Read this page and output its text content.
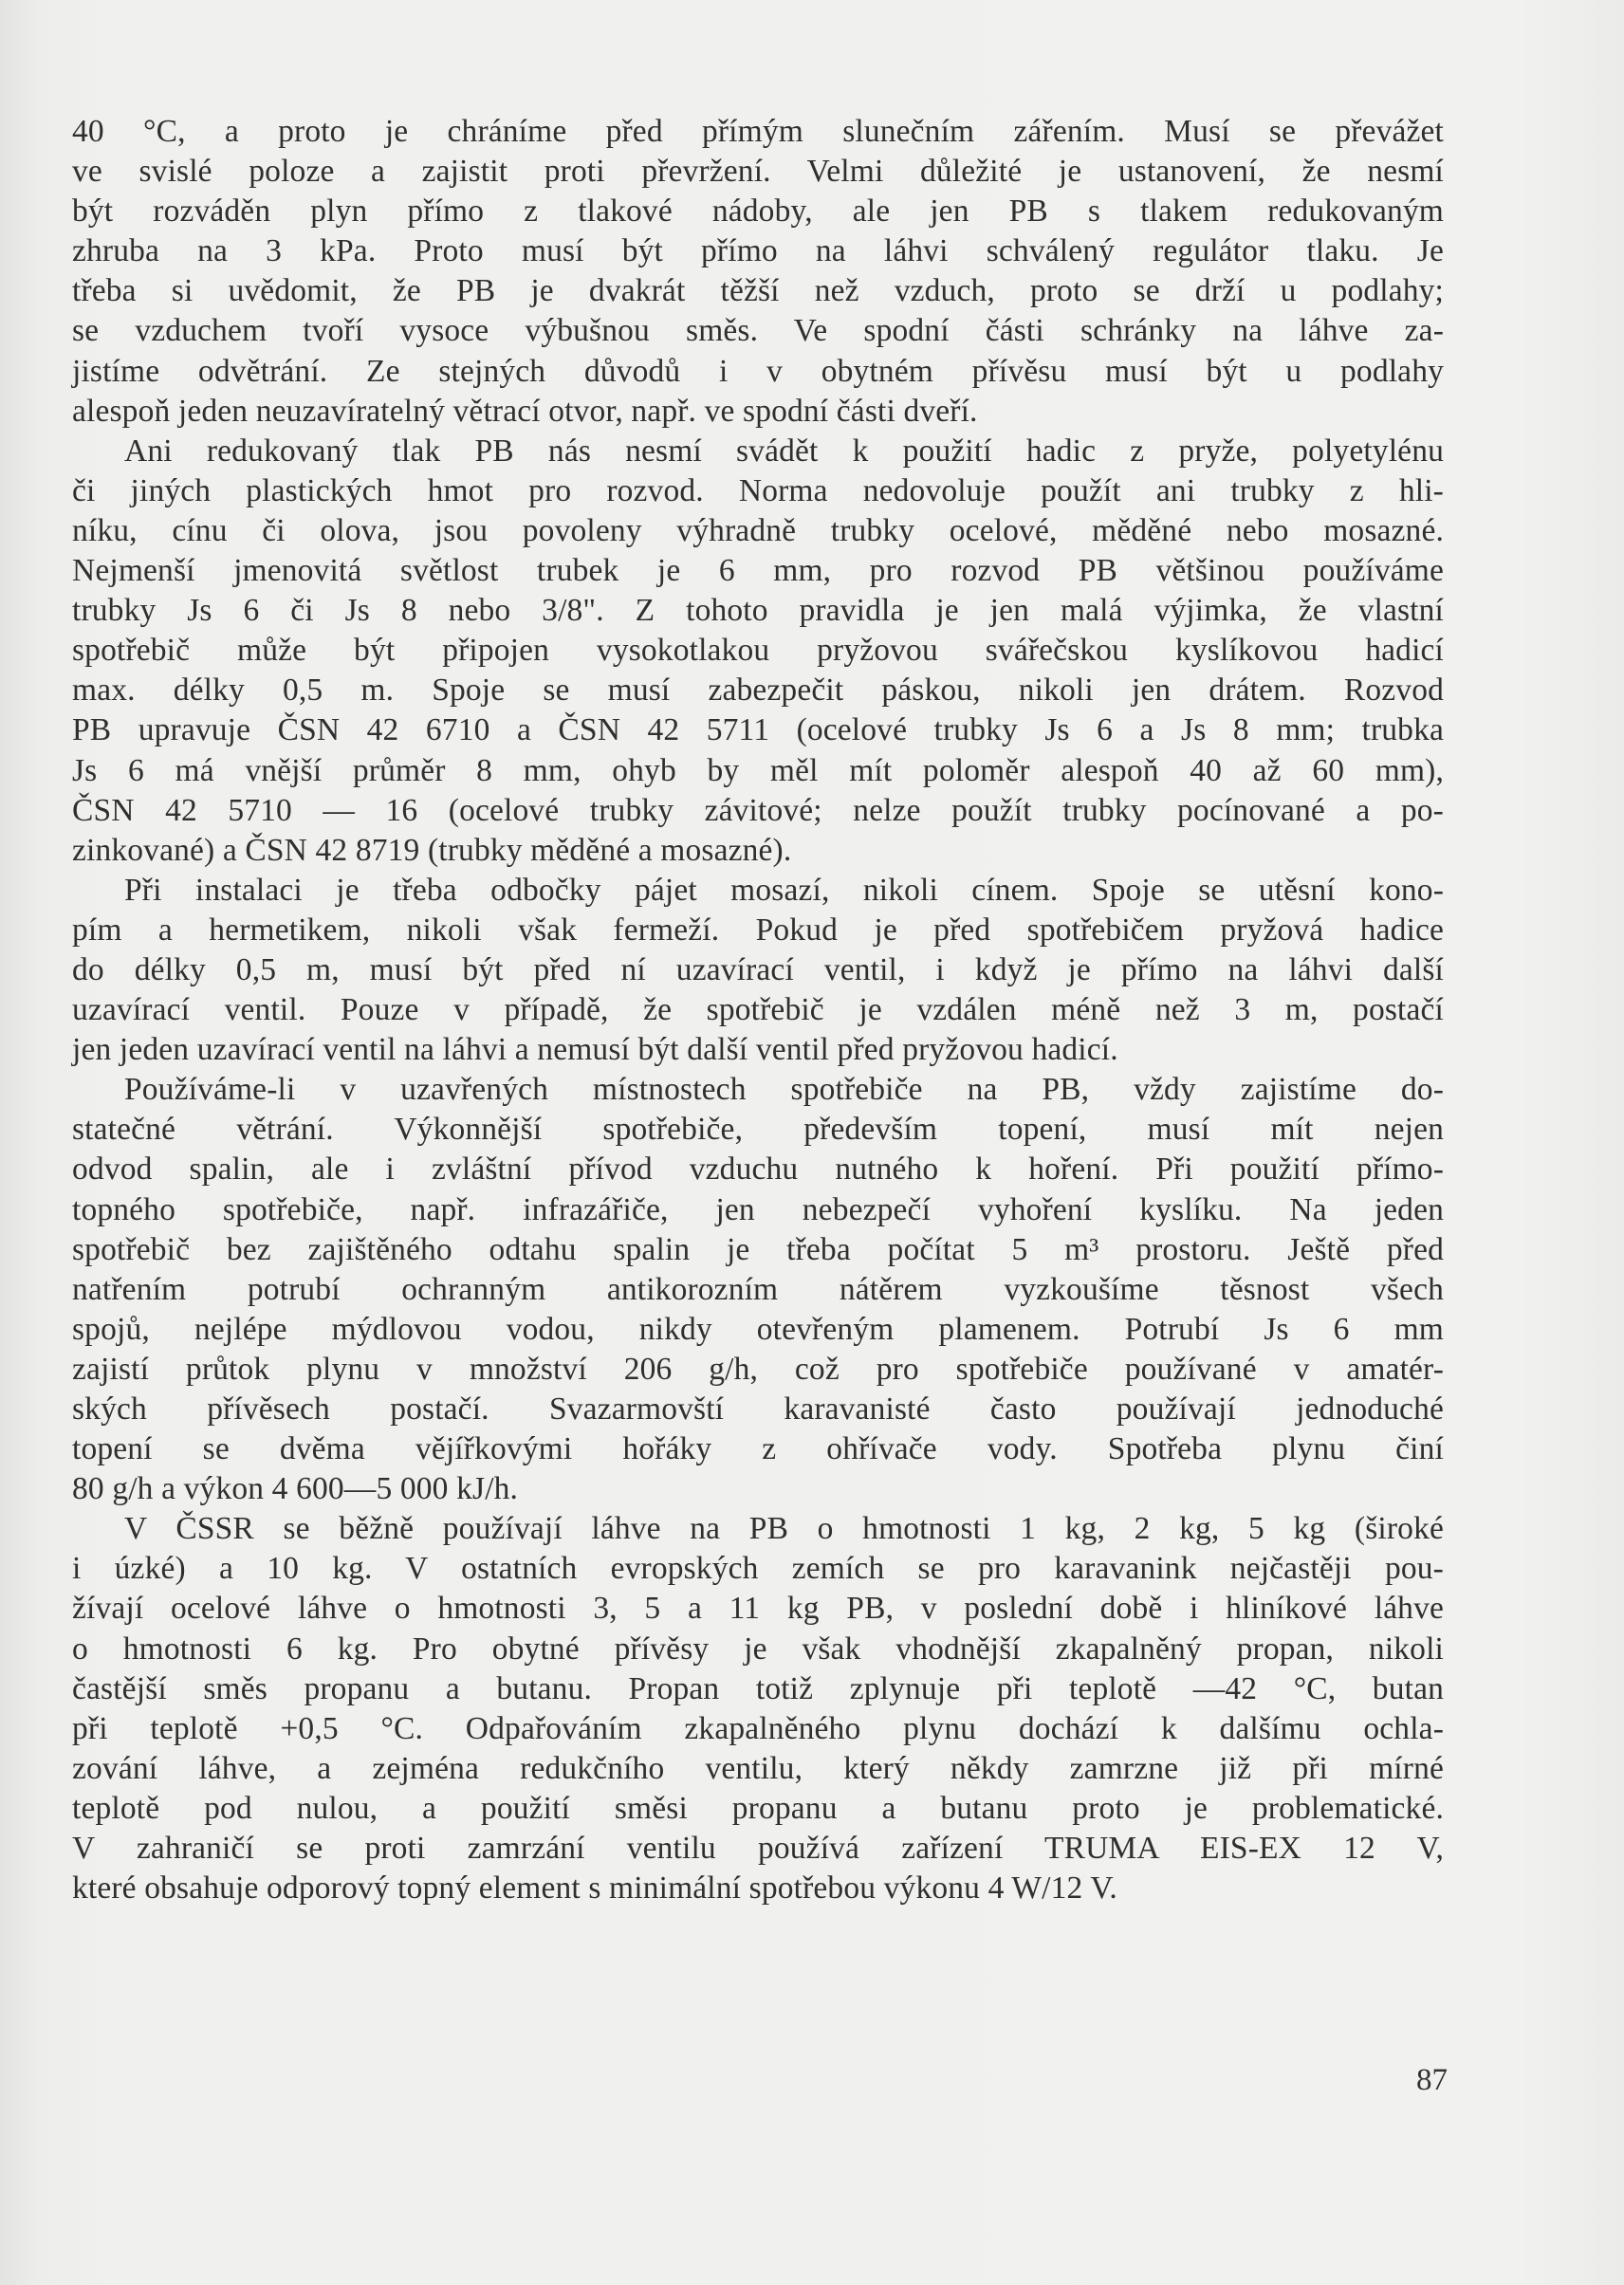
40 °C, a proto je chráníme před přímým slunečním zářením. Musí se převážet
ve svislé poloze a zajistit proti převržení. Velmi důležité je ustanovení, že nesmí
být rozváděn plyn přímo z tlakové nádoby, ale jen PB s tlakem redukovaným
zhruba na 3 kPa. Proto musí být přímo na láhvi schválený regulátor tlaku. Je
třeba si uvědomit, že PB je dvakrát těžší než vzduch, proto se drží u podlahy;
se vzduchem tvoří vysoce výbušnou směs. Ve spodní části schránky na láhve za-
jistíme odvětrání. Ze stejných důvodů i v obytném přívěsu musí být u podlahy
alespoň jeden neuzavíratelný větrací otvor, např. ve spodní části dveří.
Ani redukovaný tlak PB nás nesmí svádět k použití hadic z pryže, polyetylénu
či jiných plastických hmot pro rozvod. Norma nedovoluje použít ani trubky z hli-
níku, cínu či olova, jsou povoleny výhradně trubky ocelové, měděné nebo mosazné.
Nejmenší jmenovitá světlost trubek je 6 mm, pro rozvod PB většinou používáme
trubky Js 6 či Js 8 nebo 3/8". Z tohoto pravidla je jen malá výjimka, že vlastní
spotřebič může být připojen vysokotlakou pryžovou svářečskou kyslíkovou hadicí
max. délky 0,5 m. Spoje se musí zabezpečit páskou, nikoli jen drátem. Rozvod
PB upravuje ČSN 42 6710 a ČSN 42 5711 (ocelové trubky Js 6 a Js 8 mm; trubka
Js 6 má vnější průměr 8 mm, ohyb by měl mít poloměr alespoň 40 až 60 mm),
ČSN 42 5710 — 16 (ocelové trubky závitové; nelze použít trubky pocínované a po-
zinkované) a ČSN 42 8719 (trubky měděné a mosazné).
Při instalaci je třeba odbočky pájet mosazí, nikoli cínem. Spoje se utěsní kono-
pím a hermetikem, nikoli však fermeží. Pokud je před spotřebičem pryžová hadice
do délky 0,5 m, musí být před ní uzavírací ventil, i když je přímo na láhvi další
uzavírací ventil. Pouze v případě, že spotřebič je vzdálen méně než 3 m, postačí
jen jeden uzavírací ventil na láhvi a nemusí být další ventil před pryžovou hadicí.
Používáme-li v uzavřených místnostech spotřebiče na PB, vždy zajistíme do-
statečné větrání. Výkonnější spotřebiče, především topení, musí mít nejen
odvod spalin, ale i zvláštní přívod vzduchu nutného k hoření. Při použití přímo-
topného spotřebiče, např. infrazářiče, jen nebezpečí vyhoření kyslíku. Na jeden
spotřebič bez zajištěného odtahu spalin je třeba počítat 5 m³ prostoru. Ještě před
natřením potrubí ochranným antikorozním nátěrem vyzkoušíme těsnost všech
spojů, nejlépe mýdlovou vodou, nikdy otevřeným plamenem. Potrubí Js 6 mm
zajistí průtok plynu v množství 206 g/h, což pro spotřebiče používané v amatér-
ských přívěsech postačí. Svazarmovští karavanisté často používají jednoduché
topení se dvěma vějířkovými hořáky z ohřívače vody. Spotřeba plynu činí
80 g/h a výkon 4 600—5 000 kJ/h.
V ČSSR se běžně používají láhve na PB o hmotnosti 1 kg, 2 kg, 5 kg (široké
i úzké) a 10 kg. V ostatních evropských zemích se pro karavanink nejčastěji pou-
žívají ocelové láhve o hmotnosti 3, 5 a 11 kg PB, v poslední době i hliníkové láhve
o hmotnosti 6 kg. Pro obytné přívěsy je však vhodnější zkapalněný propan, nikoli
častější směs propanu a butanu. Propan totiž zplynuje při teplotě —42 °C, butan
při teplotě +0,5 °C. Odpařováním zkapalněného plynu dochází k dalšímu ochla-
zování láhve, a zejména redukčního ventilu, který někdy zamrzne již při mírné
teplotě pod nulou, a použití směsi propanu a butanu proto je problematické.
V zahraničí se proti zamrzání ventilu používá zařízení TRUMA EIS-EX 12 V,
které obsahuje odporový topný element s minimální spotřebou výkonu 4 W/12 V.
87
